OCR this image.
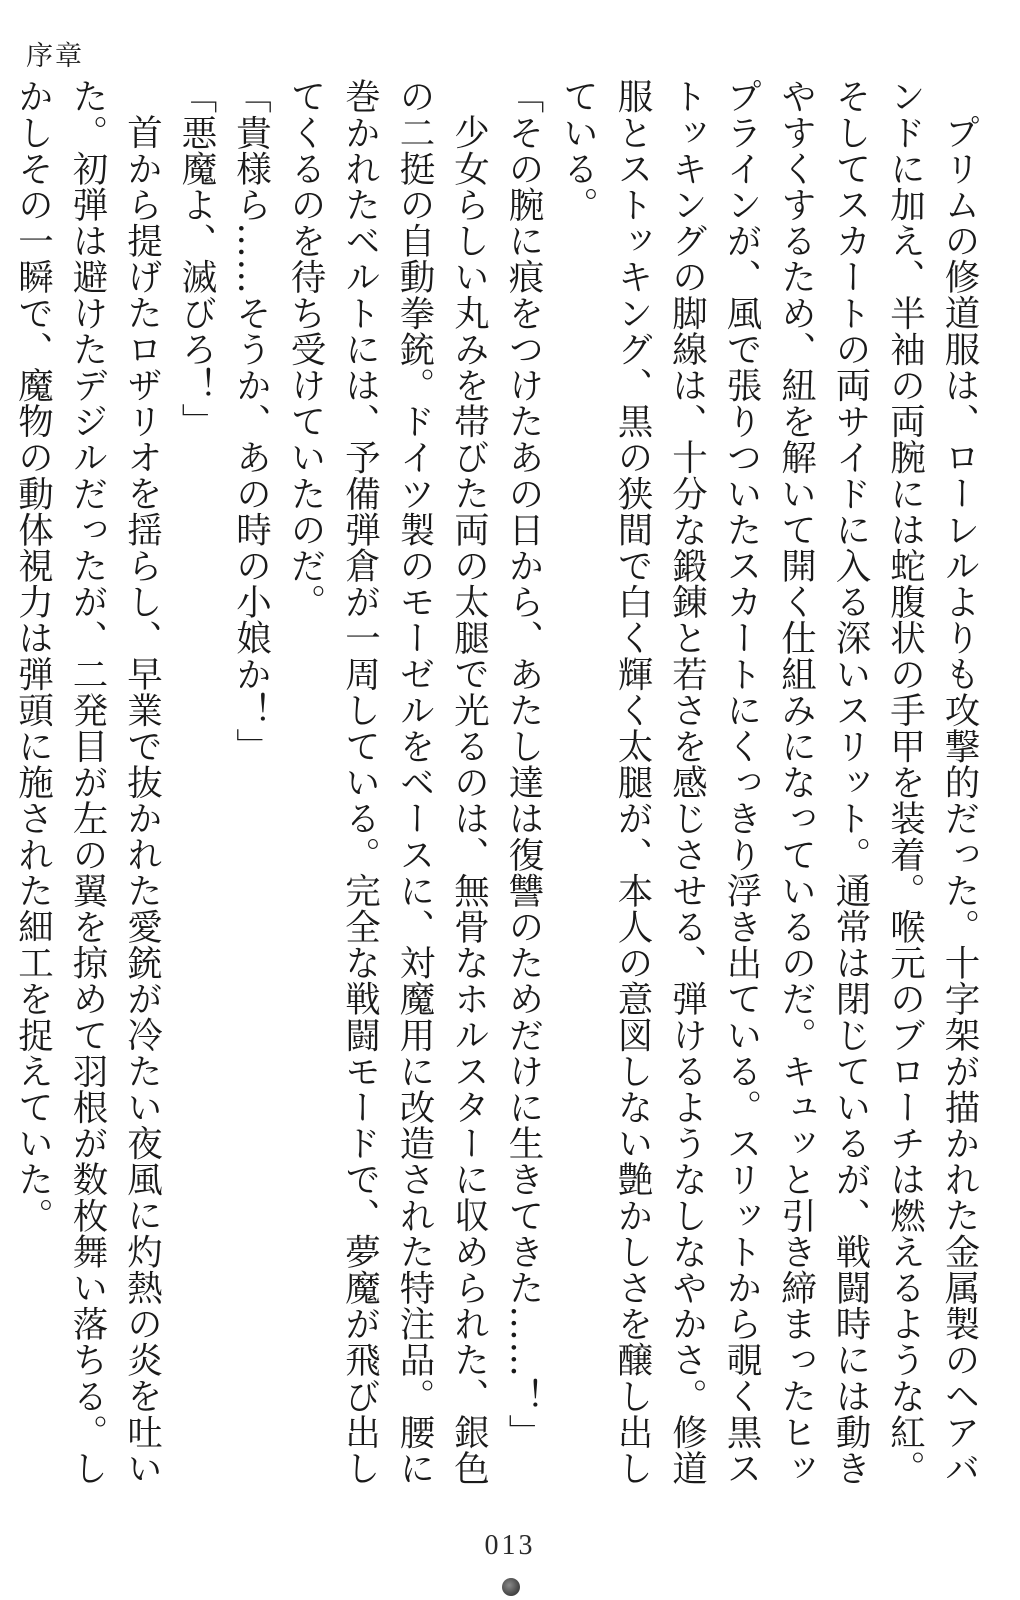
序章

プリムの修道服は、ローレルよりも攻撃的だった。十字架が描かれた金属製のヘアバンドに加え、半袖の両腕には蛇腹状の手甲を装着。喉元のブローチは燃えるような紅。そしてスカートの両サイドに入る深いスリット。通常は閉じているが、戦闘時には動きやすくするため、紐を解いて開く仕組みになっているのだ。キュッと引き締まったヒップラインが、風で張りついたスカートにくっきり浮き出ている。スリットから覗く黒ストッキングの脚線は、十分な鍛錬と若さを感じさせる、弾けるようなしなやかさ。修道服とストッキング、黒の狭間で白く輝く太腿が、本人の意図しない艶かしさを醸し出している。

「その腕に痕をつけたあの日から、あたし達は復讐のためだけに生きてきた……！」

少女らしい丸みを帯びた両の太腿で光るのは、無骨なホルスターに収められた、銀色の二挺の自動拳銃。ドイツ製のモーゼルをベースに、対魔用に改造された特注品。腰に巻かれたベルトには、予備弾倉が一周している。完全な戦闘モードで、夢魔が飛び出してくるのを待ち受けていたのだ。

「貴様ら……そうか、あの時の小娘か！」

「悪魔よ、滅びろ！」

首から提げたロザリオを揺らし、早業で抜かれた愛銃が冷たい夜風に灼熱の炎を吐いた。初弾は避けたデジルだったが、二発目が左の翼を掠めて羽根が数枚舞い落ちる。しかしその一瞬で、魔物の動体視力は弾頭に施された細工を捉えていた。

013
